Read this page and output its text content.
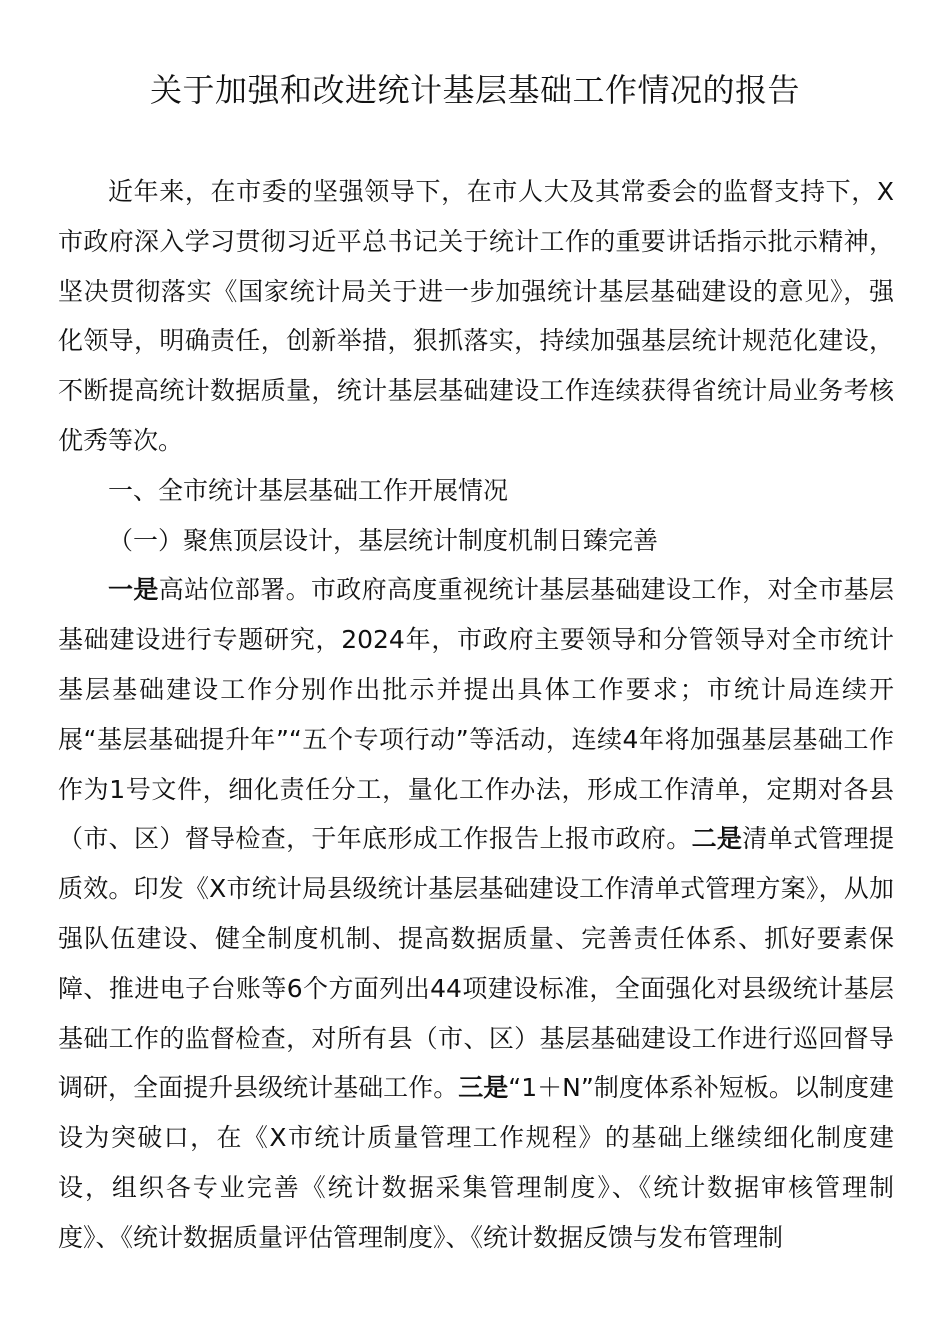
关于加强和改进统计基层基础工作情况的报告

近年来，在市委的坚强领导下，在市人大及其常委会的监督支持下，X市政府深入学习贯彻习近平总书记关于统计工作的重要讲话指示批示精神，坚决贯彻落实《国家统计局关于进一步加强统计基层基础建设的意见》，强化领导，明确责任，创新举措，狠抓落实，持续加强基层统计规范化建设，不断提高统计数据质量，统计基层基础建设工作连续获得省统计局业务考核优秀等次。

一、全市统计基层基础工作开展情况

（一）聚焦顶层设计，基层统计制度机制日臻完善

一是高站位部署。市政府高度重视统计基层基础建设工作，对全市基层基础建设进行专题研究，2024年，市政府主要领导和分管领导对全市统计基层基础建设工作分别作出批示并提出具体工作要求；市统计局连续开展“基层基础提升年”“五个专项行动”等活动，连续4年将加强基层基础工作作为1号文件，细化责任分工，量化工作办法，形成工作清单，定期对各县（市、区）督导检查，于年底形成工作报告上报市政府。二是清单式管理提质效。印发《X市统计局县级统计基层基础建设工作清单式管理方案》，从加强队伍建设、健全制度机制、提高数据质量、完善责任体系、抓好要素保障、推进电子台账等6个方面列出44项建设标准，全面强化对县级统计基层基础工作的监督检查，对所有县（市、区）基层基础建设工作进行巡回督导调研，全面提升县级统计基础工作。三是“1＋N”制度体系补短板。以制度建设为突破口，在《X市统计质量管理工作规程》的基础上继续细化制度建设，组织各专业完善《统计数据采集管理制度》、《统计数据审核管理制度》、《统计数据质量评估管理制度》、《统计数据反馈与发布管理制
